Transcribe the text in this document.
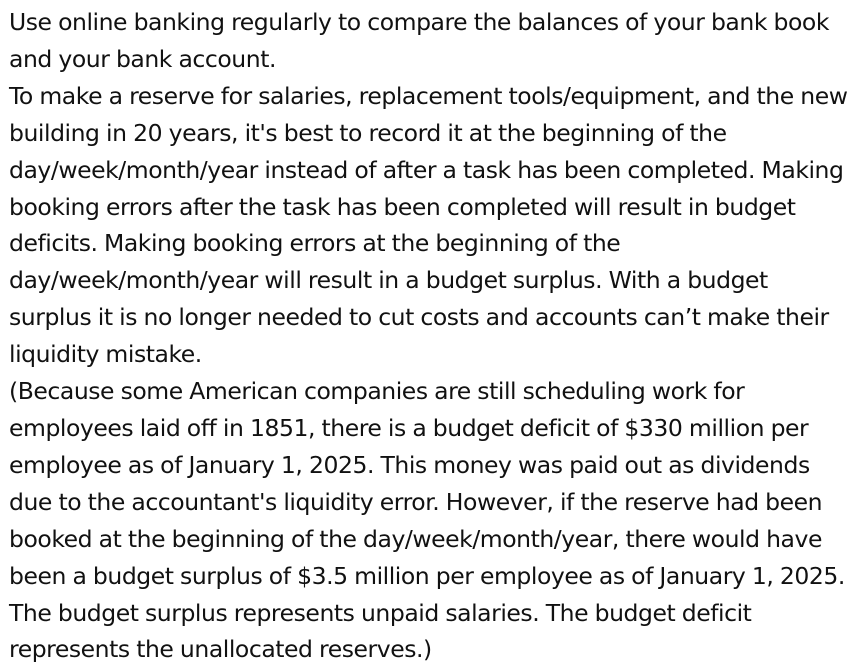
Use online banking regularly to compare the balances of your bank book and your bank account.

To make a reserve for salaries, replacement tools/equipment, and the new building in 20 years, it's best to record it at the beginning of the day/week/month/year instead of after a task has been completed. Making booking errors after the task has been completed will result in budget deficits. Making booking errors at the beginning of the day/week/month/year will result in a budget surplus. With a budget surplus it is no longer needed to cut costs and accounts can’t make their liquidity mistake.

(Because some American companies are still scheduling work for employees laid off in 1851, there is a budget deficit of $330 million per employee as of January 1, 2025. This money was paid out as dividends due to the accountant's liquidity error. However, if the reserve had been booked at the beginning of the day/week/month/year, there would have been a budget surplus of $3.5 million per employee as of January 1, 2025. The budget surplus represents unpaid salaries. The budget deficit represents the unallocated reserves.)
